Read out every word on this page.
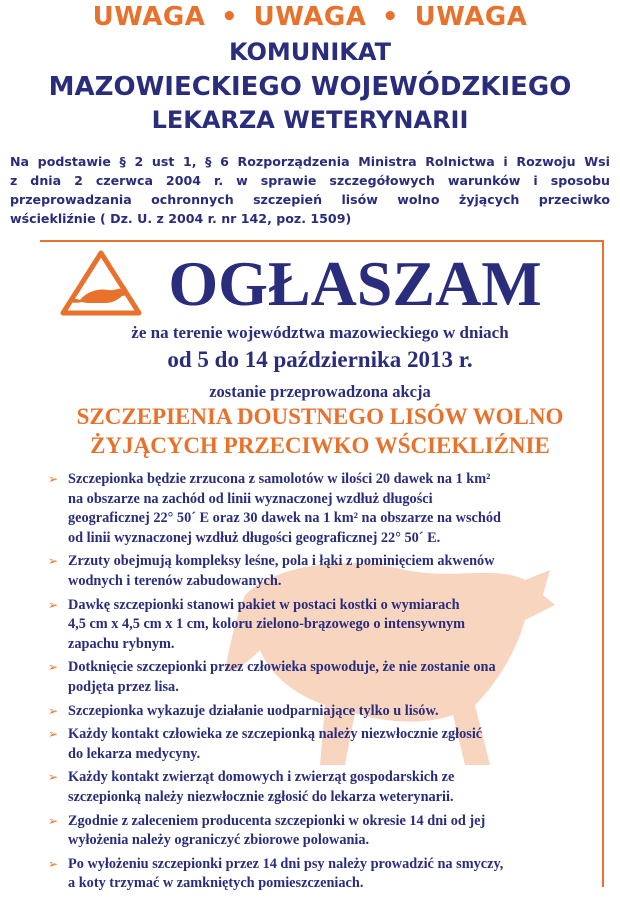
UWAGA • UWAGA • UWAGA
KOMUNIKAT
MAZOWIECKIEGO WOJEWÓDZKIEGO
LEKARZA WETERYNARII
Na podstawie § 2 ust 1, § 6 Rozporządzenia Ministra Rolnictwa i Rozwoju Wsi
z dnia 2 czerwca 2004 r. w sprawie szczegółowych warunków i sposobu
przeprowadzania ochronnych szczepień lisów wolno żyjących przeciwko
wściekliźnie ( Dz. U. z 2004 r. nr 142, poz. 1509)
OGŁASZAM
że na terenie województwa mazowieckiego w dniach
od 5 do 14 października 2013 r.
zostanie przeprowadzona akcja
SZCZEPIENIA DOUSTNEGO LISÓW WOLNO
ŻYJĄCYCH PRZECIWKO WŚCIEKLIŹNIE
➢ Szczepionka będzie zrzucona z samolotów w ilości 20 dawek na 1 km²
na obszarze na zachód od linii wyznaczonej wzdłuż długości
geograficznej 22° 50´ E oraz 30 dawek na 1 km² na obszarze na wschód
od linii wyznaczonej wzdłuż długości geograficznej 22° 50´ E.
➢ Zrzuty obejmują kompleksy leśne, pola i łąki z pominięciem akwenów
wodnych i terenów zabudowanych.
➢ Dawkę szczepionki stanowi pakiet w postaci kostki o wymiarach
4,5 cm x 4,5 cm x 1 cm, koloru zielono-brązowego o intensywnym
zapachu rybnym.
➢ Dotknięcie szczepionki przez człowieka spowoduje, że nie zostanie ona
podjęta przez lisa.
➢ Szczepionka wykazuje działanie uodparniające tylko u lisów.
➢ Każdy kontakt człowieka ze szczepionką należy niezwłocznie zgłosić
do lekarza medycyny.
➢ Każdy kontakt zwierząt domowych i zwierząt gospodarskich ze
szczepionką należy niezwłocznie zgłosić do lekarza weterynarii.
➢ Zgodnie z zaleceniem producenta szczepionki w okresie 14 dni od jej
wyłożenia należy ograniczyć zbiorowe polowania.
➢ Po wyłożeniu szczepionki przez 14 dni psy należy prowadzić na smyczy,
a koty trzymać w zamkniętych pomieszczeniach.
